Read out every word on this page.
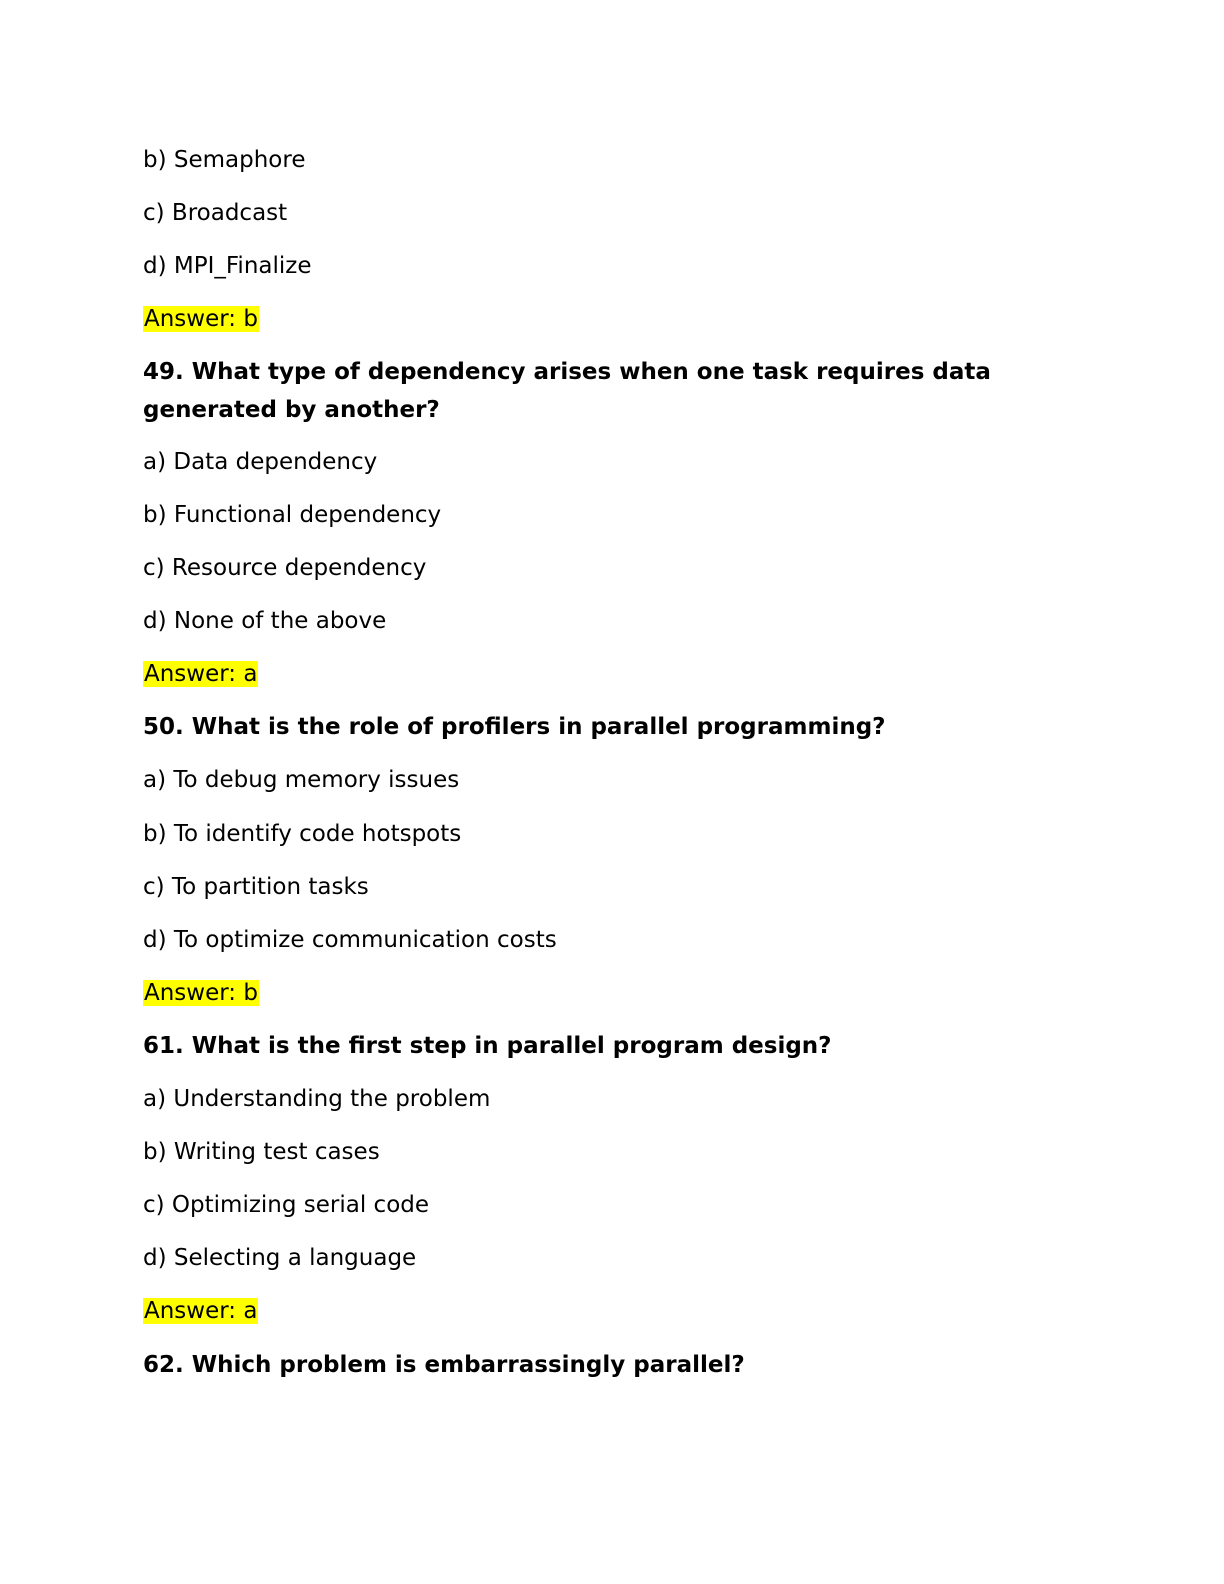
b) Semaphore

c) Broadcast

d) MPI_Finalize

Answer: b

49. What type of dependency arises when one task requires data generated by another?

a) Data dependency

b) Functional dependency

c) Resource dependency

d) None of the above

Answer: a

50. What is the role of profilers in parallel programming?

a) To debug memory issues

b) To identify code hotspots

c) To partition tasks

d) To optimize communication costs

Answer: b

61. What is the first step in parallel program design?

a) Understanding the problem

b) Writing test cases

c) Optimizing serial code

d) Selecting a language

Answer: a

62. Which problem is embarrassingly parallel?
